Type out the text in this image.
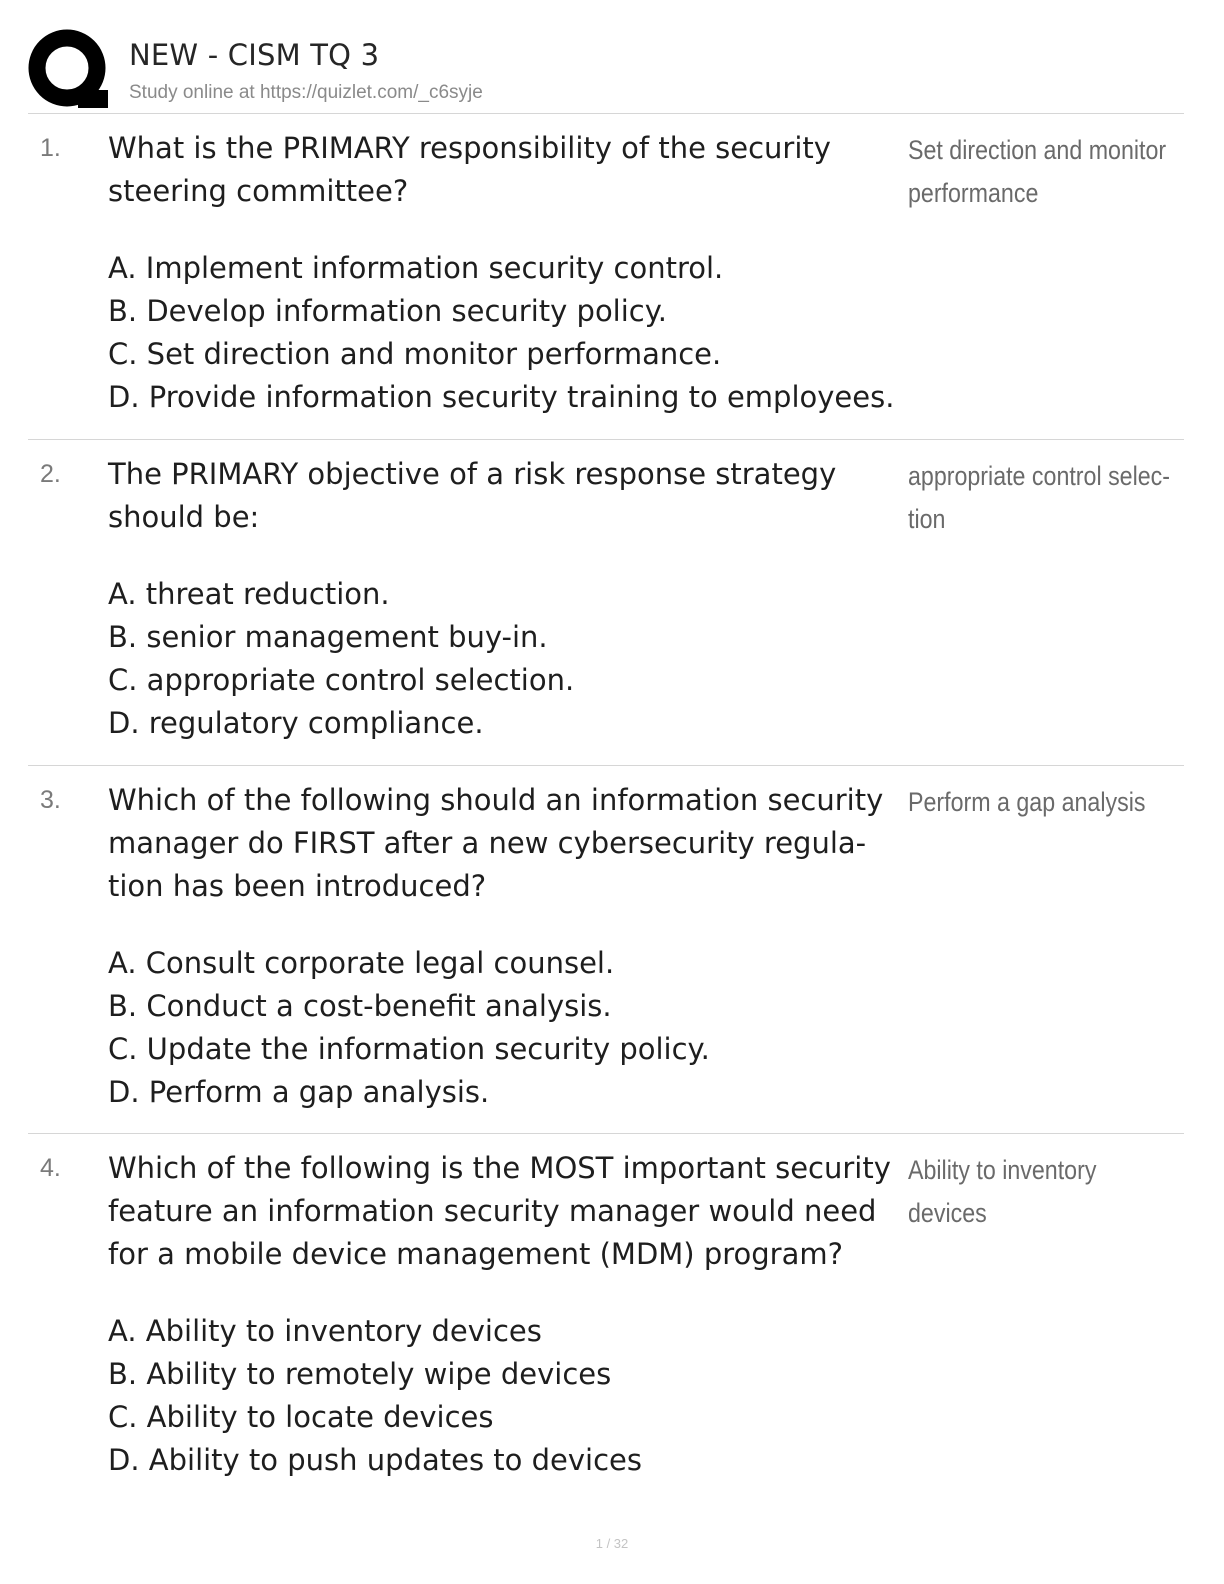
NEW - CISM TQ 3
Study online at https://quizlet.com/_c6syje
1. What is the PRIMARY responsibility of the security steering committee?
A. Implement information security control.
B. Develop information security policy.
C. Set direction and monitor performance.
D. Provide information security training to employees.
Set direction and monitor performance
2. The PRIMARY objective of a risk response strategy should be:
A. threat reduction.
B. senior management buy-in.
C. appropriate control selection.
D. regulatory compliance.
appropriate control selec- tion
3. Which of the following should an information security manager do FIRST after a new cybersecurity regula- tion has been introduced?
A. Consult corporate legal counsel.
B. Conduct a cost-benefit analysis.
C. Update the information security policy.
D. Perform a gap analysis.
Perform a gap analysis
4. Which of the following is the MOST important security feature an information security manager would need for a mobile device management (MDM) program?
A. Ability to inventory devices
B. Ability to remotely wipe devices
C. Ability to locate devices
D. Ability to push updates to devices
Ability to inventory devices
1 / 32
